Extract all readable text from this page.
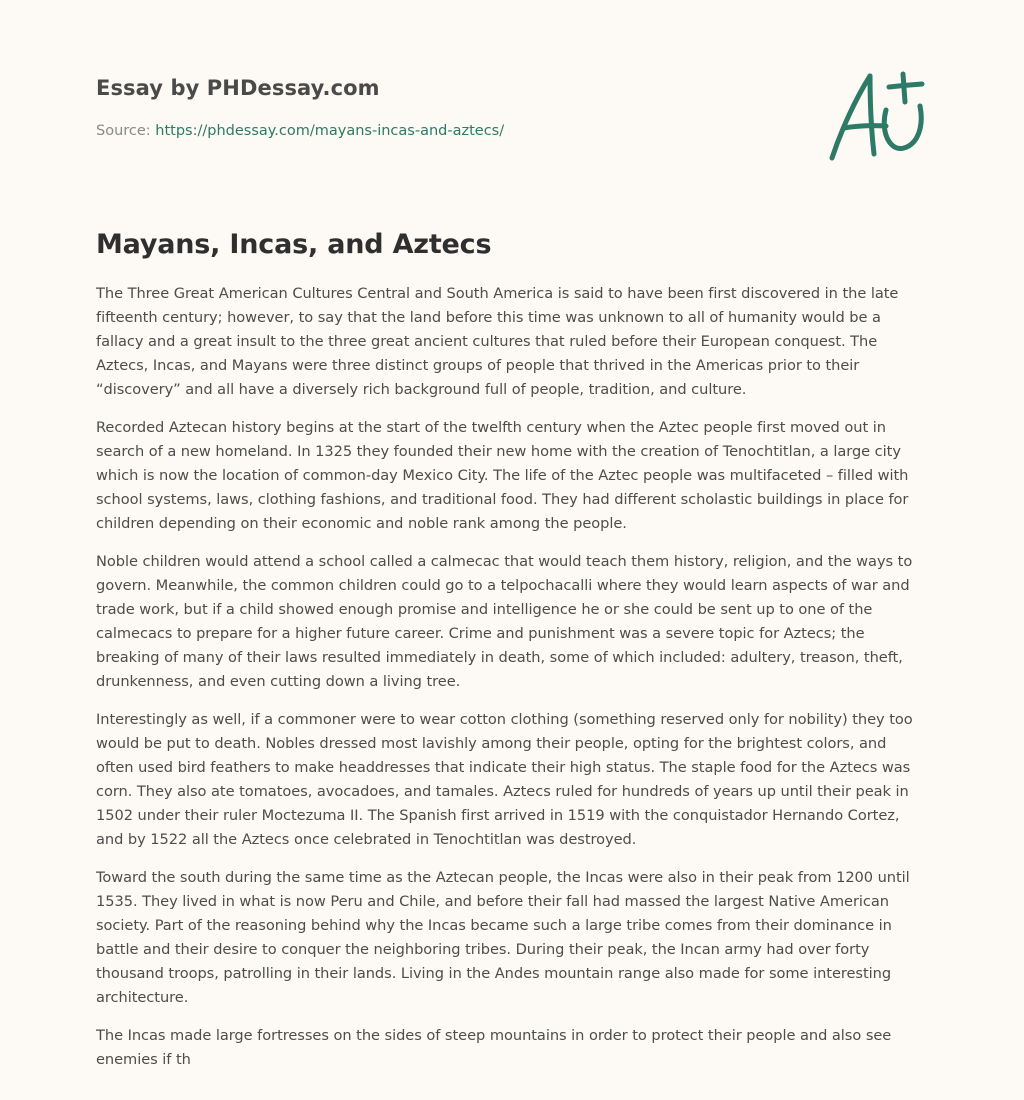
Essay by PHDessay.com
Source: https://phdessay.com/mayans-incas-and-aztecs/
Mayans, Incas, and Aztecs

The Three Great American Cultures Central and South America is said to have been first discovered in the late fifteenth century; however, to say that the land before this time was unknown to all of humanity would be a fallacy and a great insult to the three great ancient cultures that ruled before their European conquest. The Aztecs, Incas, and Mayans were three distinct groups of people that thrived in the Americas prior to their “discovery” and all have a diversely rich background full of people, tradition, and culture.

Recorded Aztecan history begins at the start of the twelfth century when the Aztec people first moved out in search of a new homeland. In 1325 they founded their new home with the creation of Tenochtitlan, a large city which is now the location of common-day Mexico City. The life of the Aztec people was multifaceted – filled with school systems, laws, clothing fashions, and traditional food. They had different scholastic buildings in place for children depending on their economic and noble rank among the people.

Noble children would attend a school called a calmecac that would teach them history, religion, and the ways to govern. Meanwhile, the common children could go to a telpochacalli where they would learn aspects of war and trade work, but if a child showed enough promise and intelligence he or she could be sent up to one of the calmecacs to prepare for a higher future career. Crime and punishment was a severe topic for Aztecs; the breaking of many of their laws resulted immediately in death, some of which included: adultery, treason, theft, drunkenness, and even cutting down a living tree.

Interestingly as well, if a commoner were to wear cotton clothing (something reserved only for nobility) they too would be put to death. Nobles dressed most lavishly among their people, opting for the brightest colors, and often used bird feathers to make headdresses that indicate their high status. The staple food for the Aztecs was corn. They also ate tomatoes, avocadoes, and tamales. Aztecs ruled for hundreds of years up until their peak in 1502 under their ruler Moctezuma II. The Spanish first arrived in 1519 with the conquistador Hernando Cortez, and by 1522 all the Aztecs once celebrated in Tenochtitlan was destroyed.

Toward the south during the same time as the Aztecan people, the Incas were also in their peak from 1200 until 1535. They lived in what is now Peru and Chile, and before their fall had massed the largest Native American society. Part of the reasoning behind why the Incas became such a large tribe comes from their dominance in battle and their desire to conquer the neighboring tribes. During their peak, the Incan army had over forty thousand troops, patrolling in their lands. Living in the Andes mountain range also made for some interesting architecture.

The Incas made large fortresses on the sides of steep mountains in order to protect their people and also see enemies if th
